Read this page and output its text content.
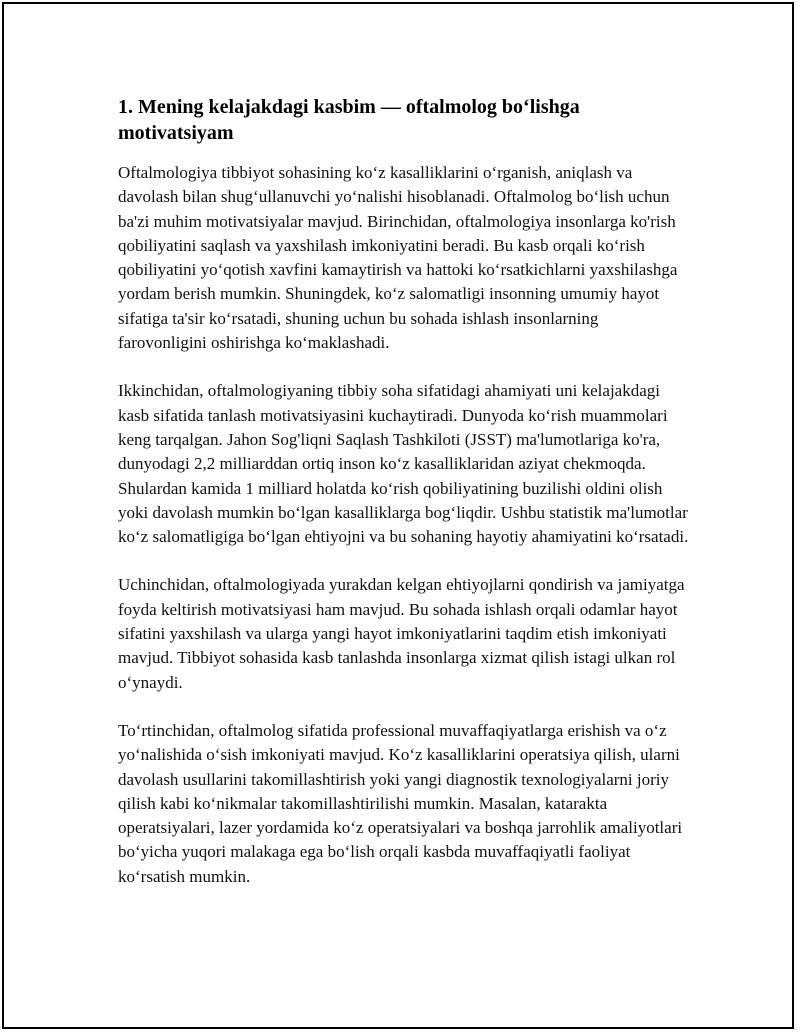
1. Mening kelajakdagi kasbim — oftalmolog bo‘lishga motivatsiyam

Oftalmologiya tibbiyot sohasining ko‘z kasalliklarini o‘rganish, aniqlash va davolash bilan shug‘ullanuvchi yo‘nalishi hisoblanadi. Oftalmolog bo‘lish uchun ba'zi muhim motivatsiyalar mavjud. Birinchidan, oftalmologiya insonlarga ko'rish qobiliyatini saqlash va yaxshilash imkoniyatini beradi. Bu kasb orqali ko‘rish qobiliyatini yo‘qotish xavfini kamaytirish va hattoki ko‘rsatkichlarni yaxshilashga yordam berish mumkin. Shuningdek, ko‘z salomatligi insonning umumiy hayot sifatiga ta'sir ko‘rsatadi, shuning uchun bu sohada ishlash insonlarning farovonligini oshirishga ko‘maklashadi.

Ikkinchidan, oftalmologiyaning tibbiy soha sifatidagi ahamiyati uni kelajakdagi kasb sifatida tanlash motivatsiyasini kuchaytiradi. Dunyoda ko‘rish muammolari keng tarqalgan. Jahon Sog'liqni Saqlash Tashkiloti (JSST) ma'lumotlariga ko'ra, dunyodagi 2,2 milliarddan ortiq inson ko‘z kasalliklaridan aziyat chekmoqda. Shulardan kamida 1 milliard holatda ko‘rish qobiliyatining buzilishi oldini olish yoki davolash mumkin bo‘lgan kasalliklarga bog‘liqdir. Ushbu statistik ma'lumotlar ko‘z salomatligiga bo‘lgan ehtiyojni va bu sohaning hayotiy ahamiyatini ko‘rsatadi.

Uchinchidan, oftalmologiyada yurakdan kelgan ehtiyojlarni qondirish va jamiyatga foyda keltirish motivatsiyasi ham mavjud. Bu sohada ishlash orqali odamlar hayot sifatini yaxshilash va ularga yangi hayot imkoniyatlarini taqdim etish imkoniyati mavjud. Tibbiyot sohasida kasb tanlashda insonlarga xizmat qilish istagi ulkan rol o‘ynaydi.

To‘rtinchidan, oftalmolog sifatida professional muvaffaqiyatlarga erishish va o‘z yo‘nalishida o‘sish imkoniyati mavjud. Ko‘z kasalliklarini operatsiya qilish, ularni davolash usullarini takomillashtirish yoki yangi diagnostik texnologiyalarni joriy qilish kabi ko‘nikmalar takomillashtirilishi mumkin. Masalan, katarakta operatsiyalari, lazer yordamida ko‘z operatsiyalari va boshqa jarrohlik amaliyotlari bo‘yicha yuqori malakaga ega bo‘lish orqali kasbda muvaffaqiyatli faoliyat ko‘rsatish mumkin.
